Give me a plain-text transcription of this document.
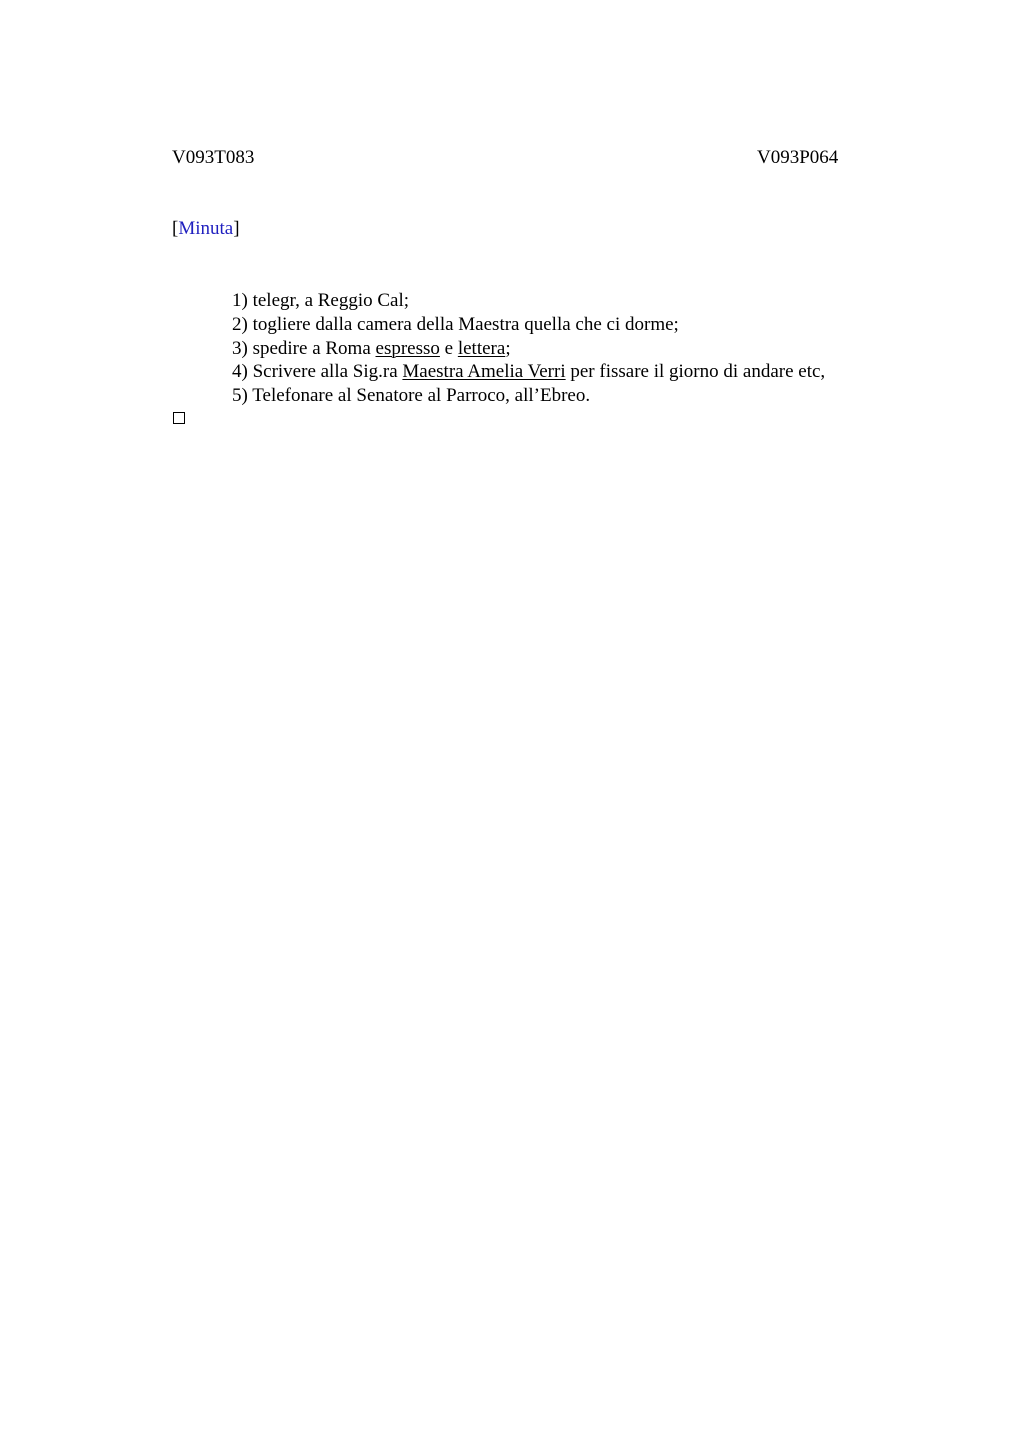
V093T083	V093P064
[Minuta]
1) telegr, a Reggio Cal;
2) togliere dalla camera della Maestra quella che ci dorme;
3) spedire a Roma espresso e lettera;
4) Scrivere alla Sig.ra Maestra Amelia Verri per fissare il giorno di andare etc,
5) Telefonare al Senatore al Parroco, all’Ebreo.
